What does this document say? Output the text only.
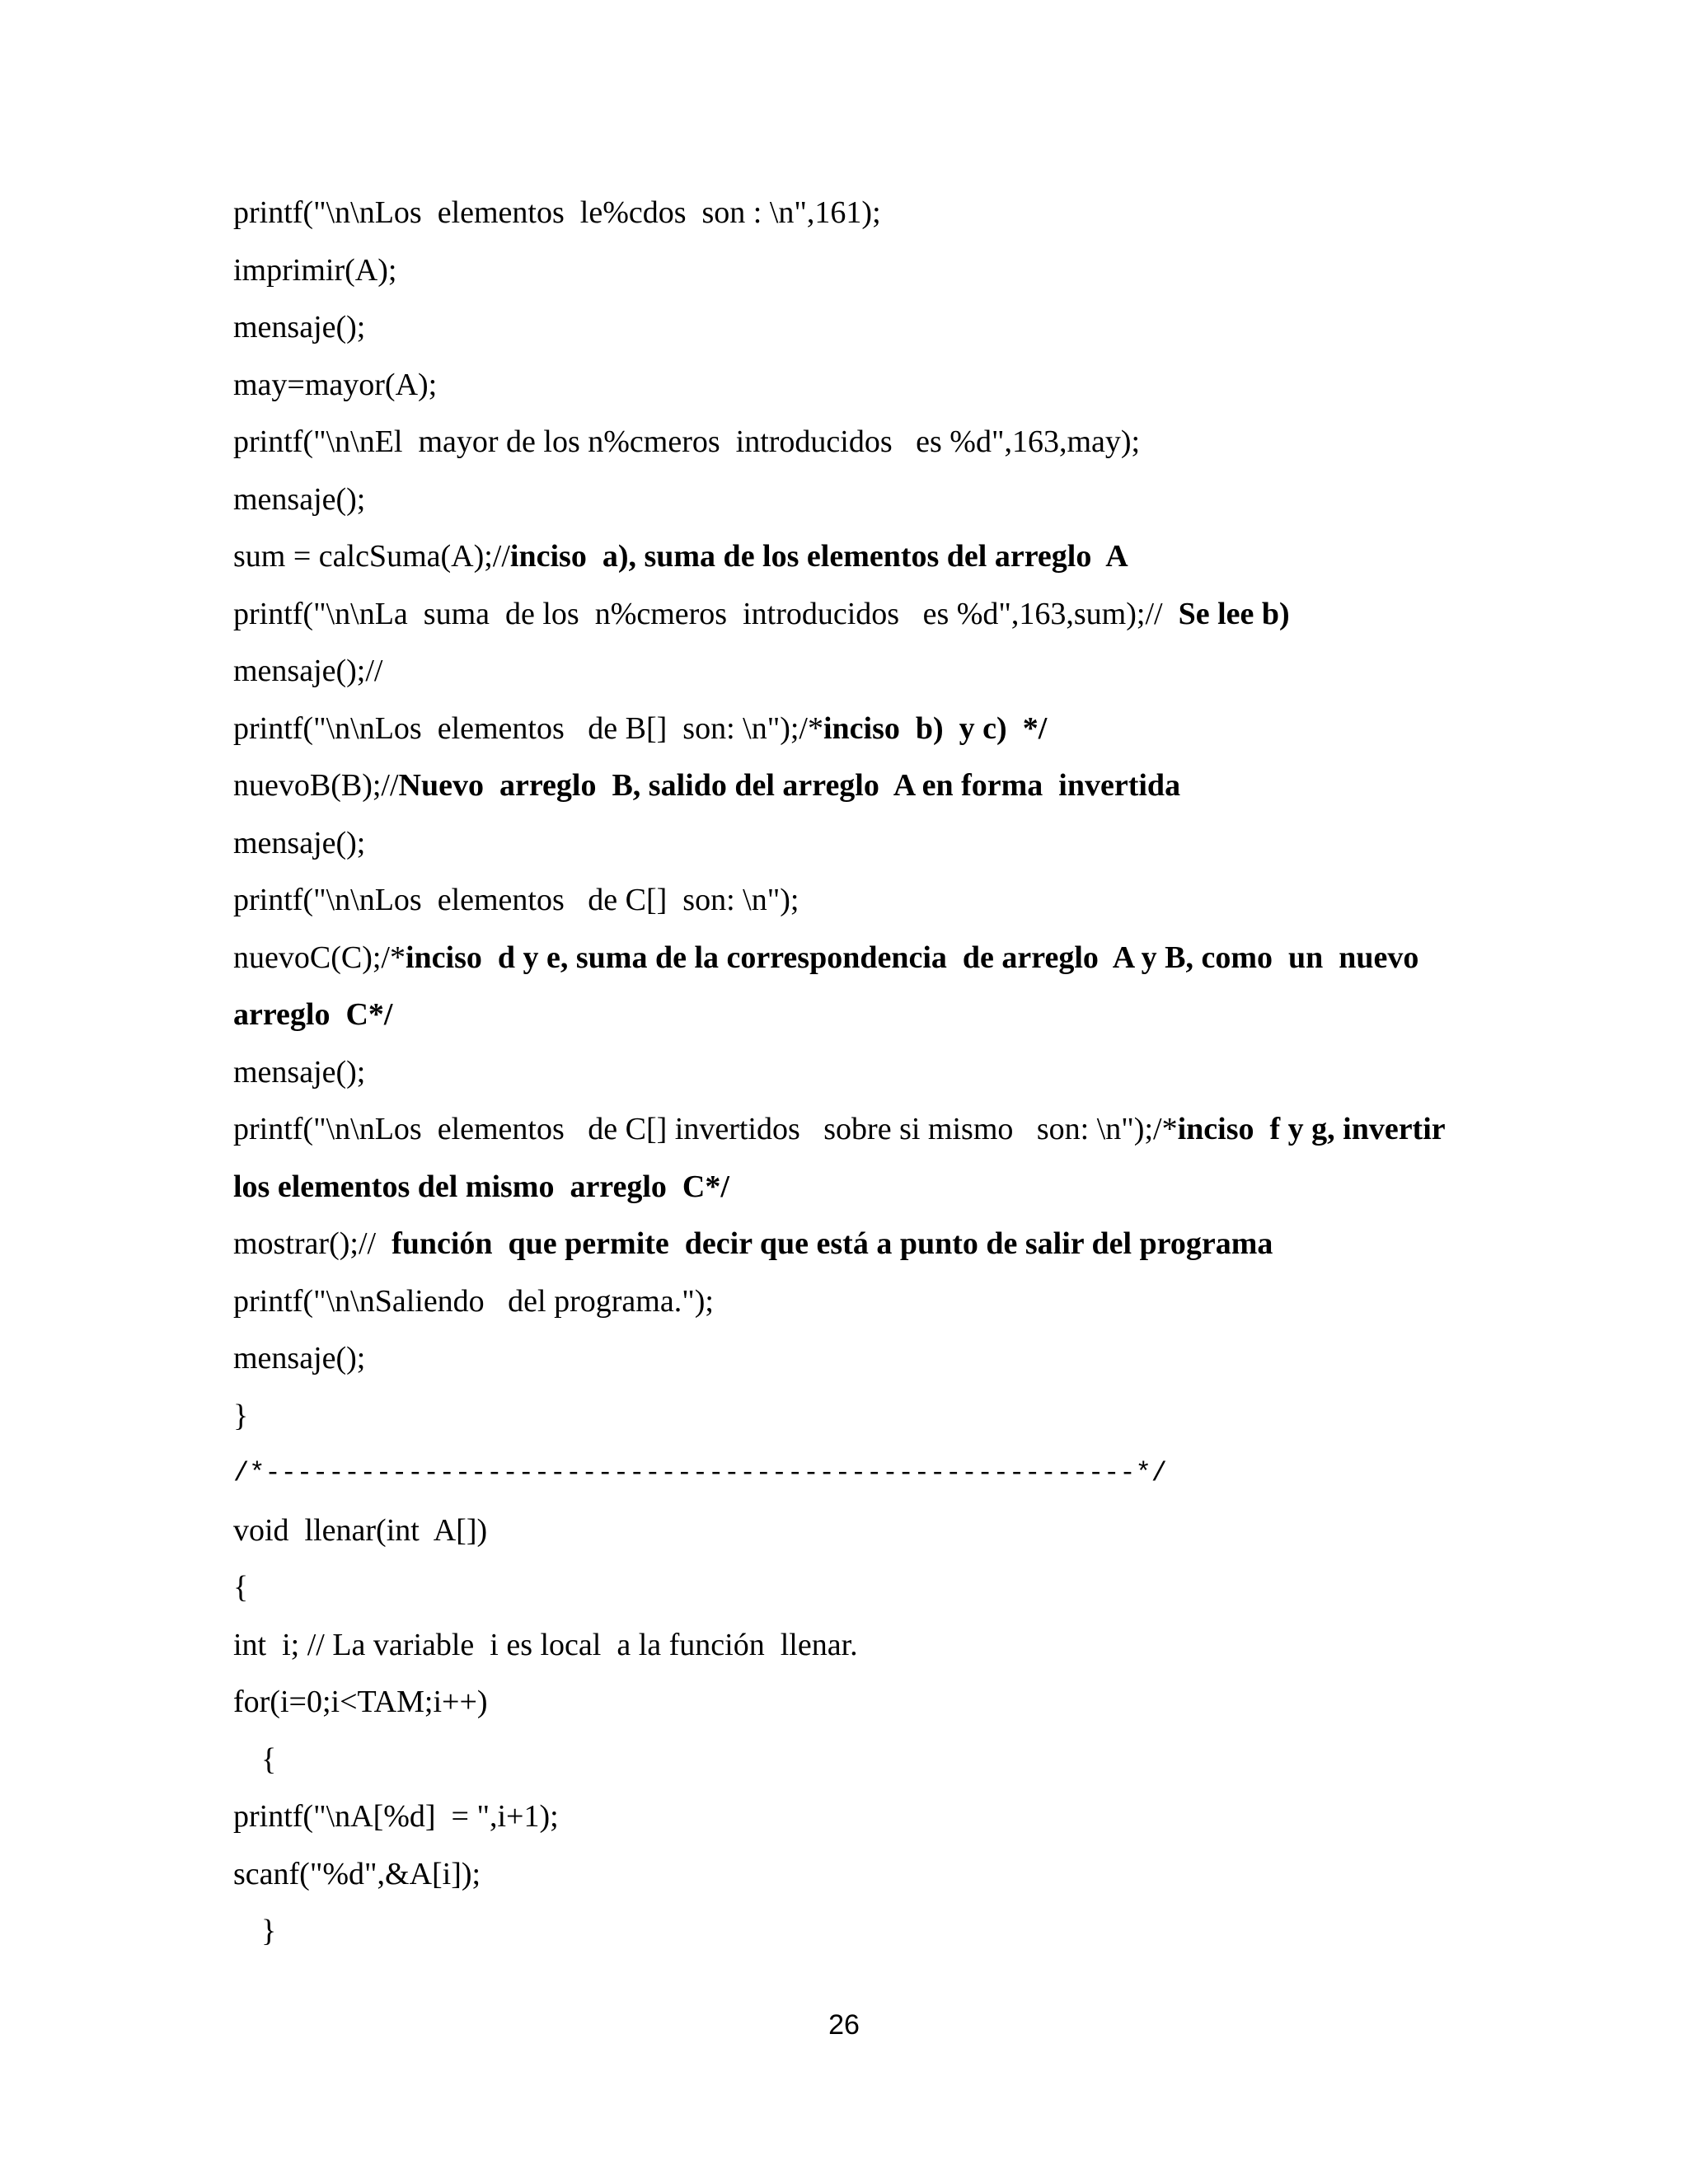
printf("\n\nLos  elementos  le%cdos  son : \n",161);
imprimir(A);
mensaje();
may=mayor(A);
printf("\n\nEl  mayor de los n%cmeros  introducidos   es %d",163,may);
mensaje();
sum = calcSuma(A);//inciso  a), suma de los elementos del arreglo  A
printf("\n\nLa  suma  de los  n%cmeros  introducidos   es %d",163,sum);//  Se lee b)
mensaje();//
printf("\n\nLos  elementos   de B[]  son: \n");/*inciso  b)  y c)  */
nuevoB(B);//Nuevo  arreglo  B, salido del arreglo  A en forma  invertida
mensaje();
printf("\n\nLos  elementos   de C[]  son: \n");
nuevoC(C);/*inciso  d y e, suma de la correspondencia  de arreglo  A y B, como  un  nuevo
arreglo  C*/
mensaje();
printf("\n\nLos  elementos   de C[] invertidos   sobre si mismo   son: \n");/*inciso  f y g, invertir
los elementos del mismo  arreglo  C*/
mostrar();//  función  que permite  decir que está a punto de salir del programa
printf("\n\nSaliendo   del programa.");
mensaje();
}
/*-------------------------------------------------------*/
void  llenar(int  A[])
{
int  i; // La variable  i es local  a la función  llenar.
for(i=0;i<TAM;i++)
{
printf("\nA[%d]  = ",i+1);
scanf("%d",&A[i]);
}
26
